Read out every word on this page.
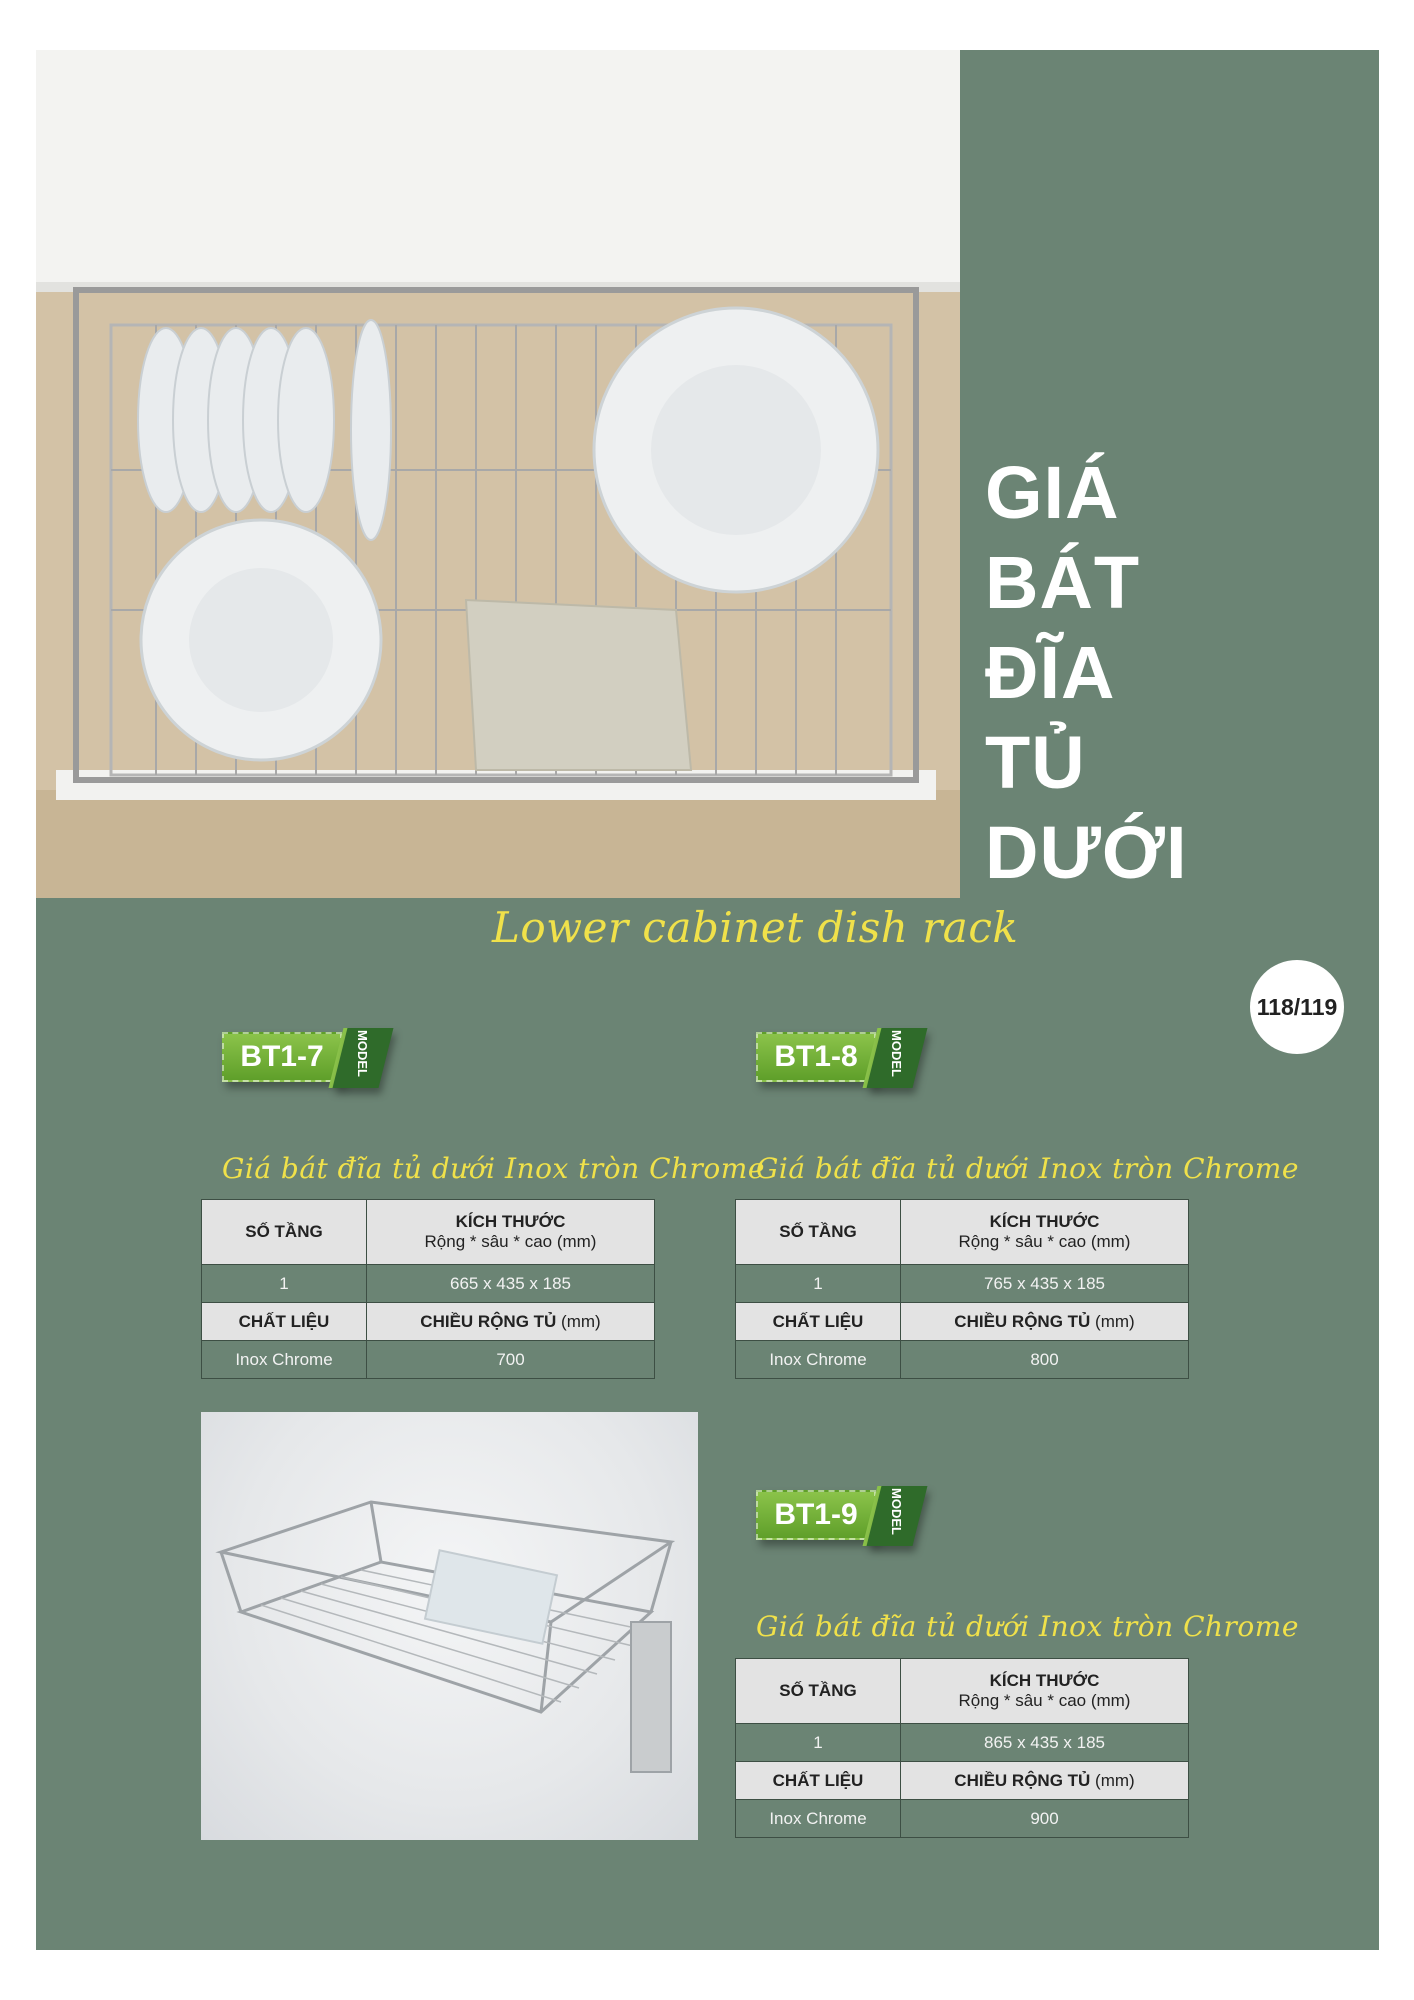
GIÁ
BÁT
ĐĨA
TỦ
DƯỚI
Lower cabinet dish rack
118/119
BT1-7	MODEL
Giá bát đĩa tủ dưới Inox tròn Chrome
SỐ TẦNG	KÍCH THƯỚC
Rộng * sâu * cao (mm)

1	665 x 435 x 185
CHẤT LIỆU	CHIỀU RỘNG TỦ (mm)
Inox Chrome	700
BT1-8	MODEL
Giá bát đĩa tủ dưới Inox tròn Chrome
SỐ TẦNG	KÍCH THƯỚC
Rộng * sâu * cao (mm)

1	765 x 435 x 185
CHẤT LIỆU	CHIỀU RỘNG TỦ (mm)
Inox Chrome	800
BT1-9	MODEL
Giá bát đĩa tủ dưới Inox tròn Chrome
SỐ TẦNG	KÍCH THƯỚC
Rộng * sâu * cao (mm)

1	865 x 435 x 185
CHẤT LIỆU	CHIỀU RỘNG TỦ (mm)
Inox Chrome	900
